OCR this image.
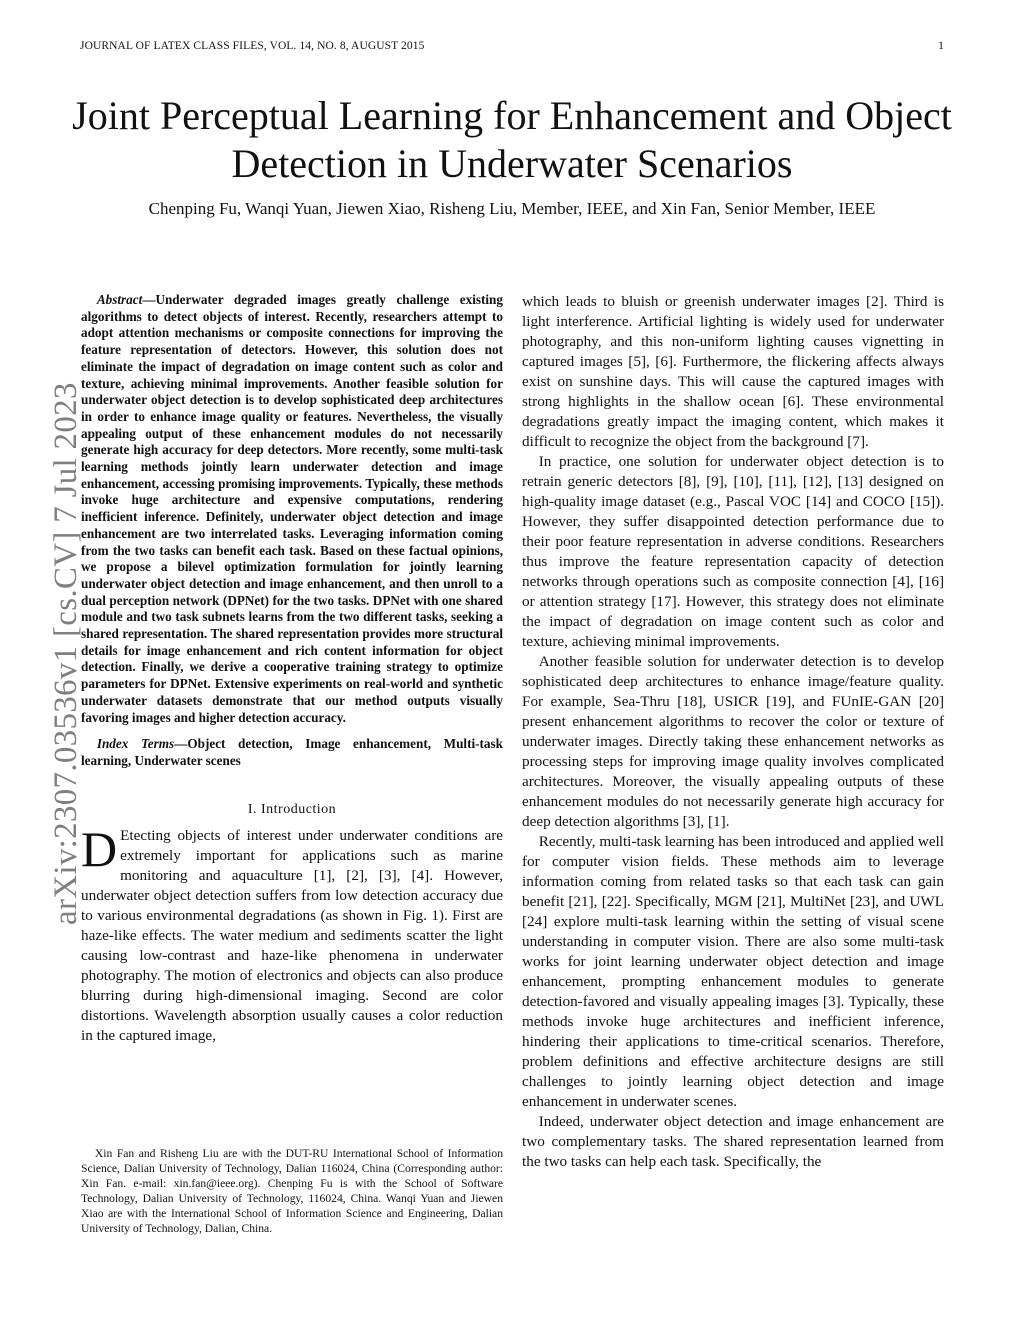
JOURNAL OF LATEX CLASS FILES, VOL. 14, NO. 8, AUGUST 2015	1
arXiv:2307.03536v1 [cs.CV] 7 Jul 2023
Joint Perceptual Learning for Enhancement and Object Detection in Underwater Scenarios
Chenping Fu, Wanqi Yuan, Jiewen Xiao, Risheng Liu, Member, IEEE, and Xin Fan, Senior Member, IEEE

Abstract—Underwater degraded images greatly challenge existing algorithms to detect objects of interest. Recently, researchers attempt to adopt attention mechanisms or composite connections for improving the feature representation of detectors. However, this solution does not eliminate the impact of degradation on image content such as color and texture, achieving minimal improvements. Another feasible solution for underwater object detection is to develop sophisticated deep architectures in order to enhance image quality or features. Nevertheless, the visually appealing output of these enhancement modules do not necessarily generate high accuracy for deep detectors. More recently, some multi-task learning methods jointly learn underwater detection and image enhancement, accessing promising improvements. Typically, these methods invoke huge architecture and expensive computations, rendering inefficient inference. Definitely, underwater object detection and image enhancement are two interrelated tasks. Leveraging information coming from the two tasks can benefit each task. Based on these factual opinions, we propose a bilevel optimization formulation for jointly learning underwater object detection and image enhancement, and then unroll to a dual perception network (DPNet) for the two tasks. DPNet with one shared module and two task subnets learns from the two different tasks, seeking a shared representation. The shared representation provides more structural details for image enhancement and rich content information for object detection. Finally, we derive a cooperative training strategy to optimize parameters for DPNet. Extensive experiments on real-world and synthetic underwater datasets demonstrate that our method outputs visually favoring images and higher detection accuracy.

Index Terms—Object detection, Image enhancement, Multi-task learning, Underwater scenes

I. Introduction

D Etecting objects of interest under underwater conditions are extremely important for applications such as marine monitoring and aquaculture [1], [2], [3], [4]. However, underwater object detection suffers from low detection accuracy due to various environmental degradations (as shown in Fig. 1). First are haze-like effects. The water medium and sediments scatter the light causing low-contrast and haze-like phenomena in underwater photography. The motion of electronics and objects can also produce blurring during high-dimensional imaging. Second are color distortions. Wavelength absorption usually causes a color reduction in the captured image,

Xin Fan and Risheng Liu are with the DUT-RU International School of Information Science, Dalian University of Technology, Dalian 116024, China (Corresponding author: Xin Fan. e-mail: xin.fan@ieee.org). Chenping Fu is with the School of Software Technology, Dalian University of Technology, 116024, China. Wanqi Yuan and Jiewen Xiao are with the International School of Information Science and Engineering, Dalian University of Technology, Dalian, China.

which leads to bluish or greenish underwater images [2]. Third is light interference. Artificial lighting is widely used for underwater photography, and this non-uniform lighting causes vignetting in captured images [5], [6]. Furthermore, the flickering affects always exist on sunshine days. This will cause the captured images with strong highlights in the shallow ocean [6]. These environmental degradations greatly impact the imaging content, which makes it difficult to recognize the object from the background [7].

In practice, one solution for underwater object detection is to retrain generic detectors [8], [9], [10], [11], [12], [13] designed on high-quality image dataset (e.g., Pascal VOC [14] and COCO [15]). However, they suffer disappointed detection performance due to their poor feature representation in adverse conditions. Researchers thus improve the feature representation capacity of detection networks through operations such as composite connection [4], [16] or attention strategy [17]. However, this strategy does not eliminate the impact of degradation on image content such as color and texture, achieving minimal improvements.

Another feasible solution for underwater detection is to develop sophisticated deep architectures to enhance image/feature quality. For example, Sea-Thru [18], USICR [19], and FUnIE-GAN [20] present enhancement algorithms to recover the color or texture of underwater images. Directly taking these enhancement networks as processing steps for improving image quality involves complicated architectures. Moreover, the visually appealing outputs of these enhancement modules do not necessarily generate high accuracy for deep detection algorithms [3], [1].

Recently, multi-task learning has been introduced and applied well for computer vision fields. These methods aim to leverage information coming from related tasks so that each task can gain benefit [21], [22]. Specifically, MGM [21], MultiNet [23], and UWL [24] explore multi-task learning within the setting of visual scene understanding in computer vision. There are also some multi-task works for joint learning underwater object detection and image enhancement, prompting enhancement modules to generate detection-favored and visually appealing images [3]. Typically, these methods invoke huge architectures and inefficient inference, hindering their applications to time-critical scenarios. Therefore, problem definitions and effective architecture designs are still challenges to jointly learning object detection and image enhancement in underwater scenes.

Indeed, underwater object detection and image enhancement are two complementary tasks. The shared representation learned from the two tasks can help each task. Specifically, the
